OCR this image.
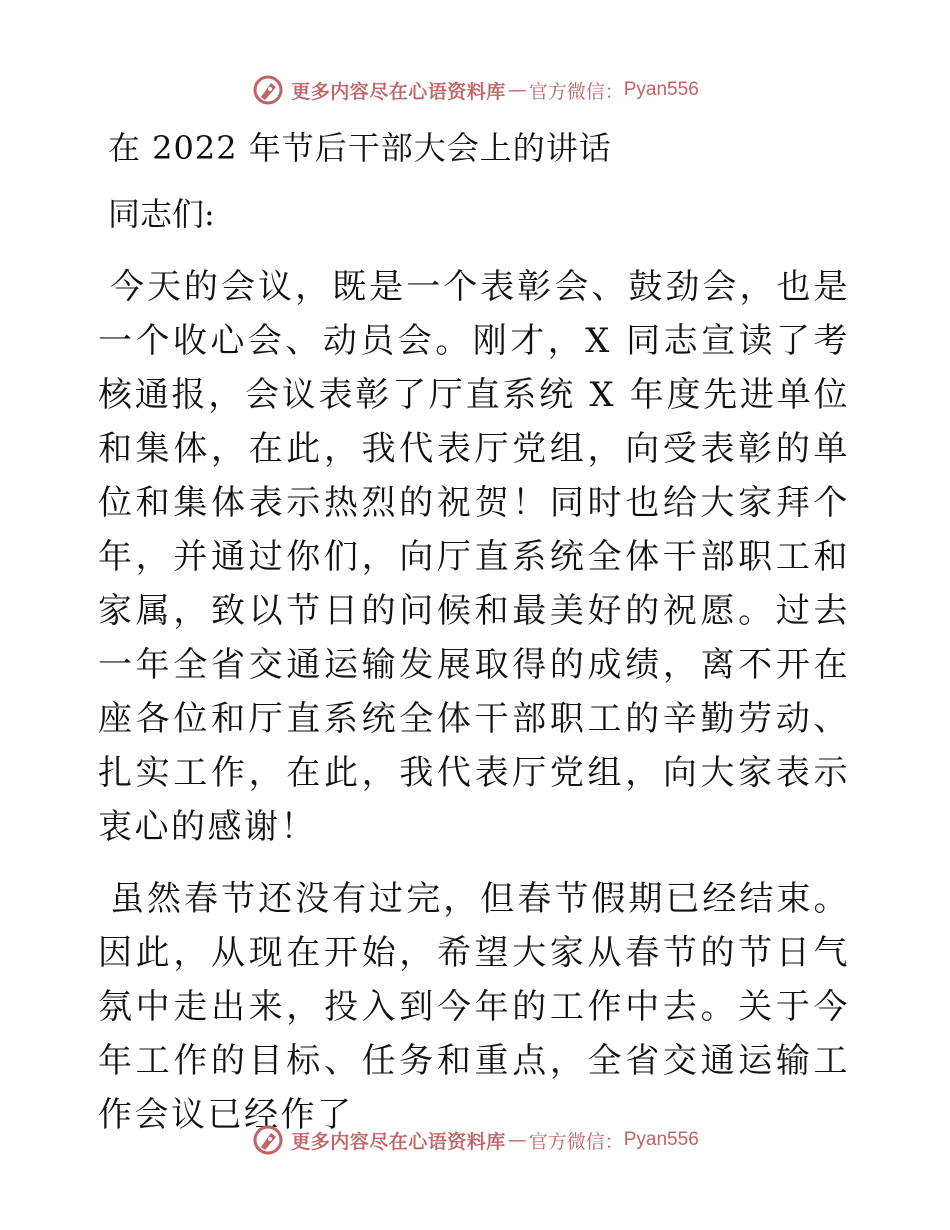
更多内容尽在心语资料库 — 官方微信： Pyan556
在 2022 年节后干部大会上的讲话
同志们:

今天的会议，既是一个表彰会、鼓劲会，也是一个收心会、动员会。刚才，X 同志宣读了考核通报，会议表彰了厅直系统 X 年度先进单位和集体，在此，我代表厅党组，向受表彰的单位和集体表示热烈的祝贺！同时也给大家拜个年，并通过你们，向厅直系统全体干部职工和家属，致以节日的问候和最美好的祝愿。过去一年全省交通运输发展取得的成绩，离不开在座各位和厅直系统全体干部职工的辛勤劳动、扎实工作，在此，我代表厅党组，向大家表示衷心的感谢！

虽然春节还没有过完，但春节假期已经结束。因此，从现在开始，希望大家从春节的节日气氛中走出来，投入到今年的工作中去。关于今年工作的目标、任务和重点，全省交通运输工作会议已经作了

更多内容尽在心语资料库 — 官方微信： Pyan556
